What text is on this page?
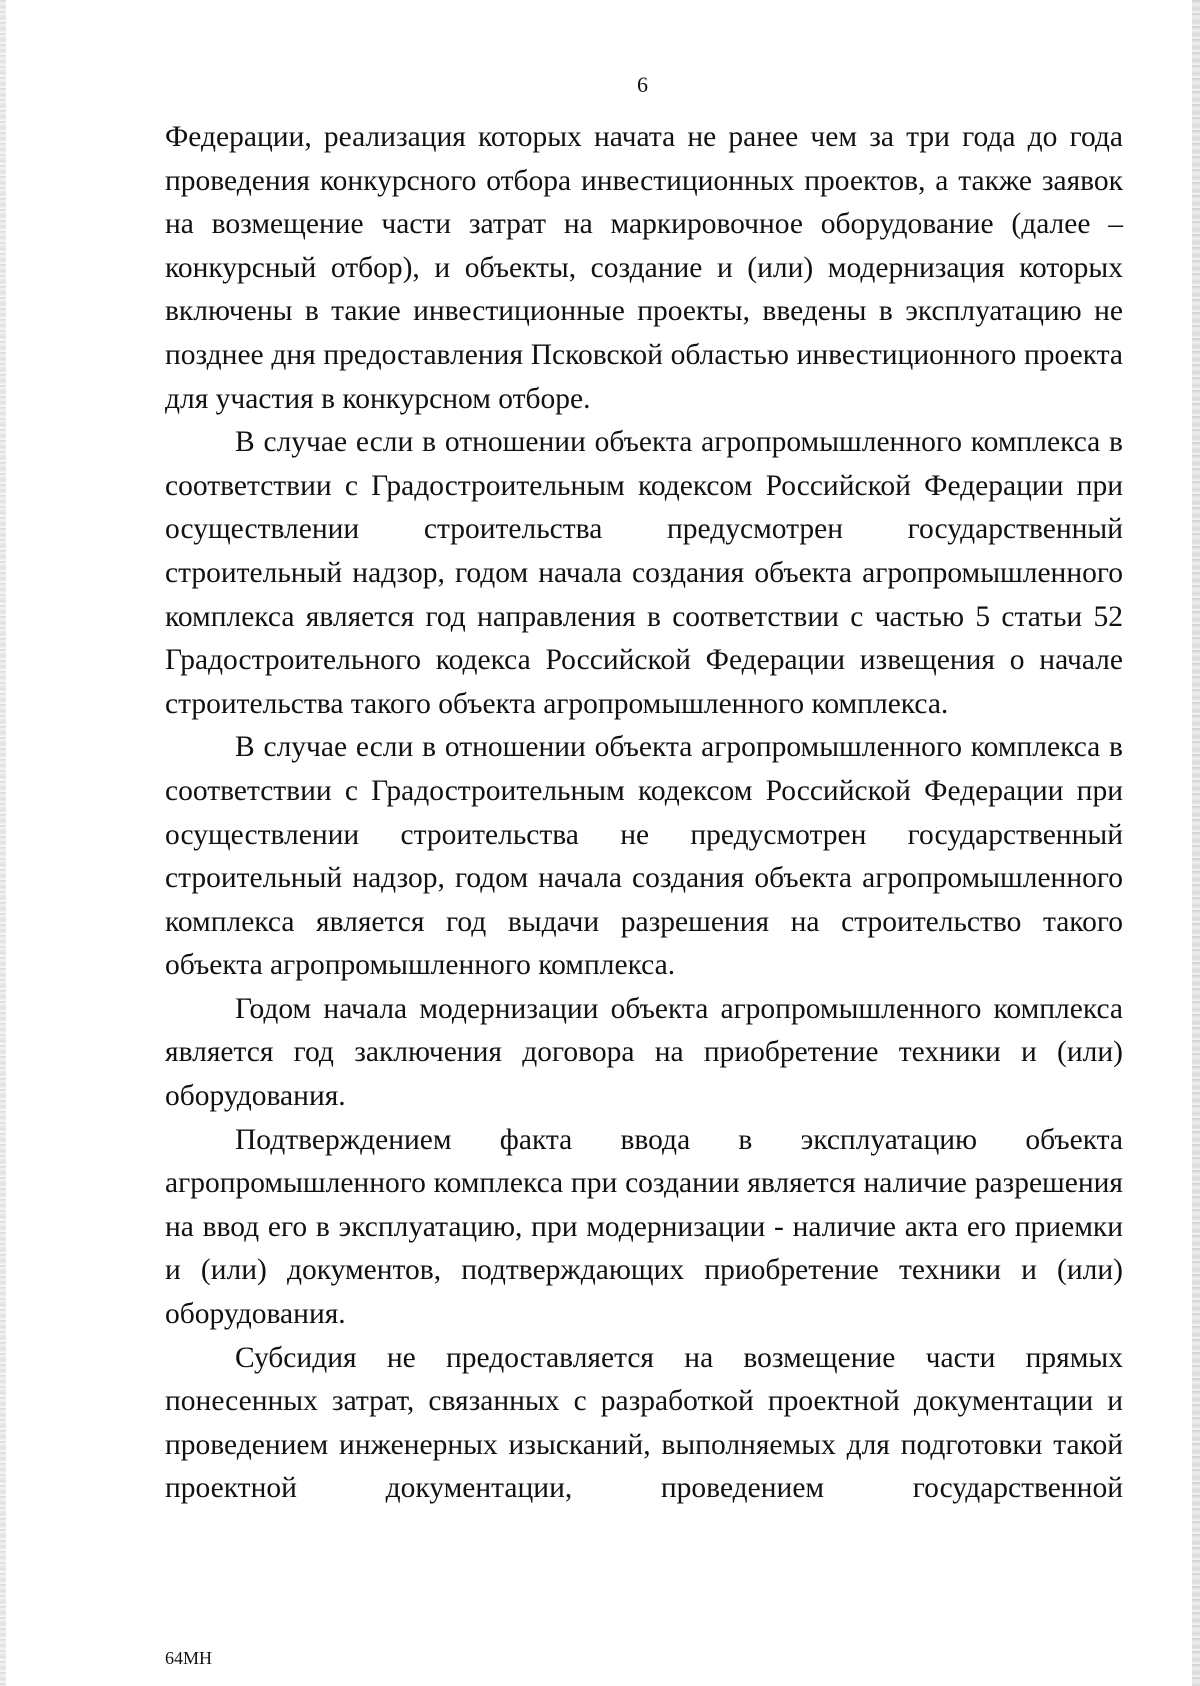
6

Федерации, реализация которых начата не ранее чем за три года до года проведения конкурсного отбора инвестиционных проектов, а также заявок на возмещение части затрат на маркировочное оборудование (далее – конкурсный отбор), и объекты, создание и (или) модернизация которых включены в такие инвестиционные проекты, введены в эксплуатацию не позднее дня предоставления Псковской областью инвестиционного проекта для участия в конкурсном отборе.

В случае если в отношении объекта агропромышленного комплекса в соответствии с Градостроительным кодексом Российской Федерации при осуществлении строительства предусмотрен государственный строительный надзор, годом начала создания объекта агропромышленного комплекса является год направления в соответствии с частью 5 статьи 52 Градостроительного кодекса Российской Федерации извещения о начале строительства такого объекта агропромышленного комплекса.

В случае если в отношении объекта агропромышленного комплекса в соответствии с Градостроительным кодексом Российской Федерации при осуществлении строительства не предусмотрен государственный строительный надзор, годом начала создания объекта агропромышленного комплекса является год выдачи разрешения на строительство такого объекта агропромышленного комплекса.

Годом начала модернизации объекта агропромышленного комплекса является год заключения договора на приобретение техники и (или) оборудования.

Подтверждением факта ввода в эксплуатацию объекта агропромышленного комплекса при создании является наличие разрешения на ввод его в эксплуатацию, при модернизации - наличие акта его приемки и (или) документов, подтверждающих приобретение техники и (или) оборудования.

Субсидия не предоставляется на возмещение части прямых понесенных затрат, связанных с разработкой проектной документации и проведением инженерных изысканий, выполняемых для подготовки такой проектной документации, проведением государственной

64МН
